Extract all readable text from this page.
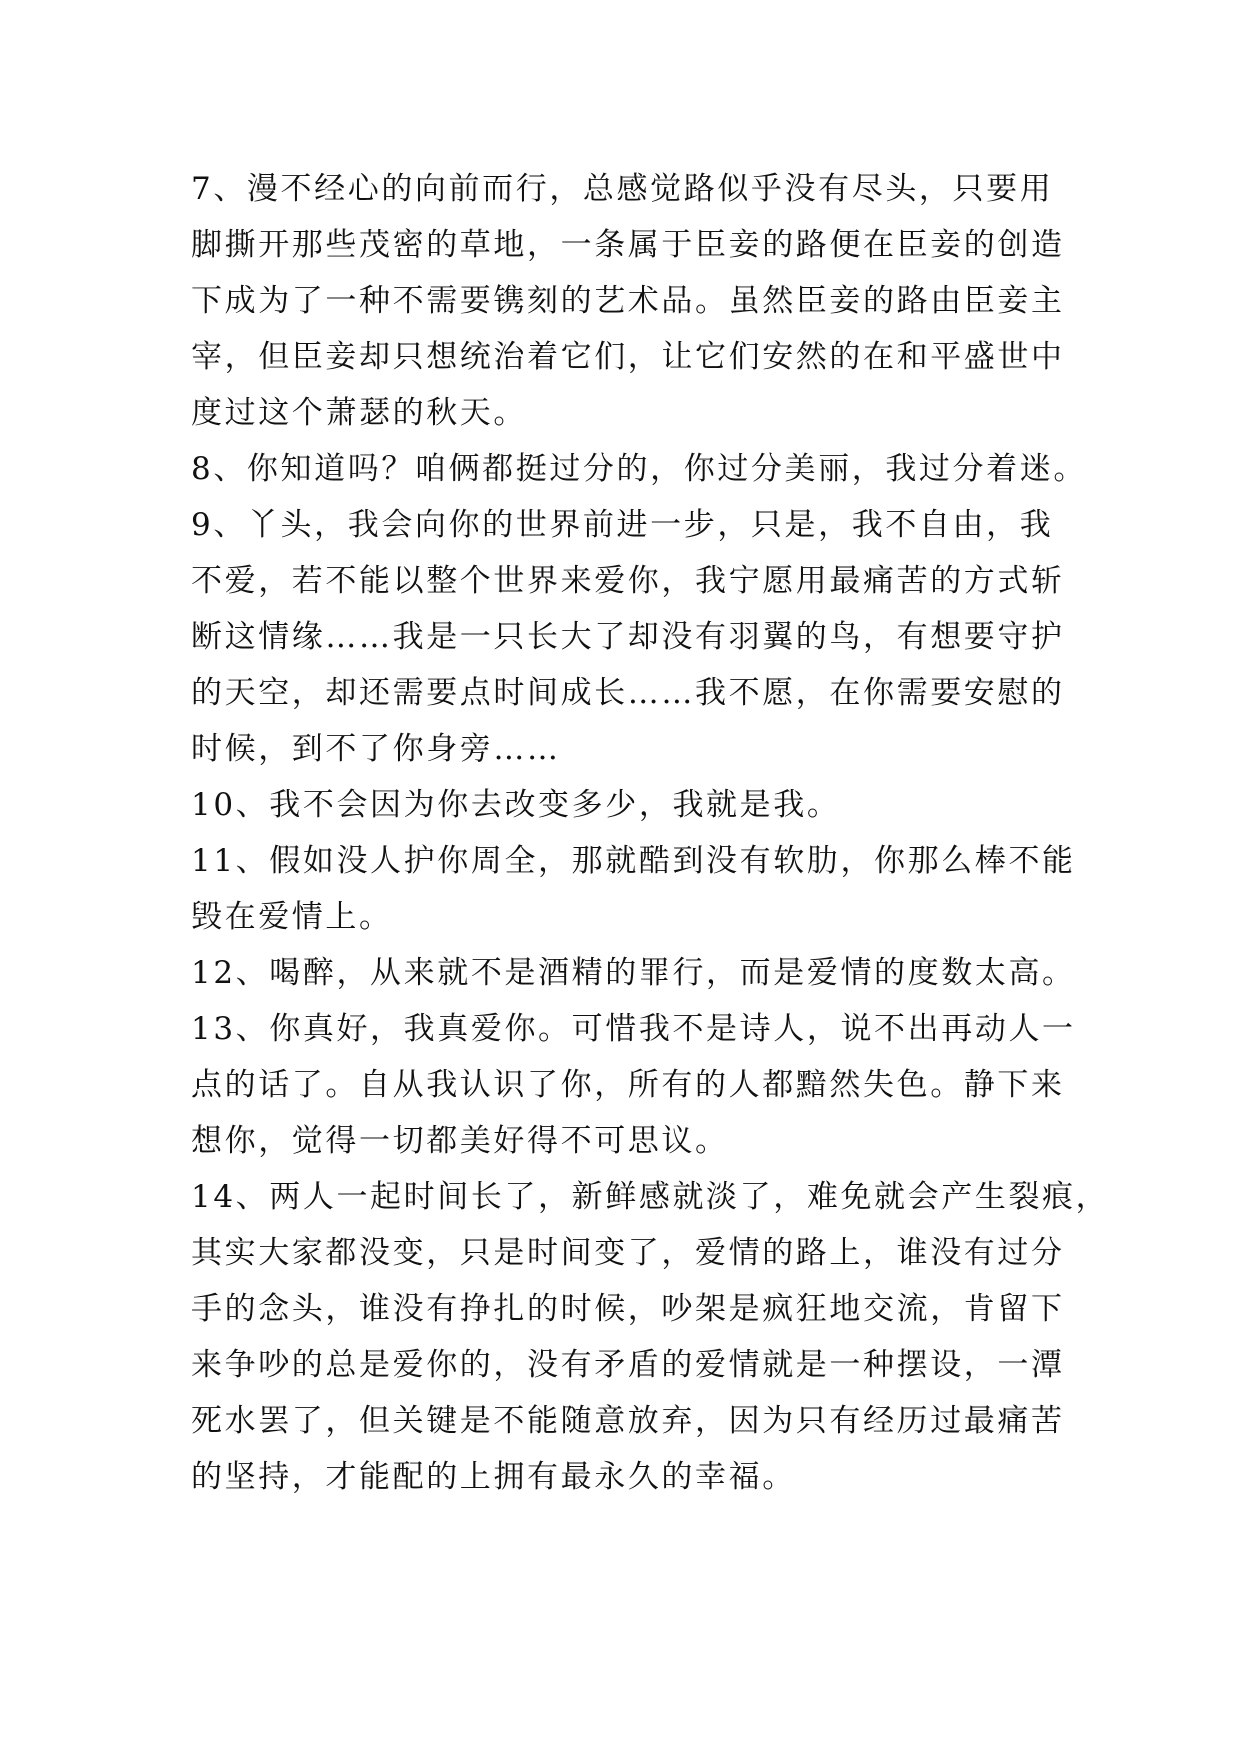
7、漫不经心的向前而行，总感觉路似乎没有尽头，只要用
脚撕开那些茂密的草地，一条属于臣妾的路便在臣妾的创造
下成为了一种不需要镌刻的艺术品。虽然臣妾的路由臣妾主
宰，但臣妾却只想统治着它们，让它们安然的在和平盛世中
度过这个萧瑟的秋天。
8、你知道吗？咱俩都挺过分的，你过分美丽，我过分着迷。
9、丫头，我会向你的世界前进一步，只是，我不自由，我
不爱，若不能以整个世界来爱你，我宁愿用最痛苦的方式斩
断这情缘……我是一只长大了却没有羽翼的鸟，有想要守护
的天空，却还需要点时间成长……我不愿，在你需要安慰的
时候，到不了你身旁……
10、我不会因为你去改变多少，我就是我。
11、假如没人护你周全，那就酷到没有软肋，你那么棒不能
毁在爱情上。
12、喝醉，从来就不是酒精的罪行，而是爱情的度数太高。
13、你真好，我真爱你。可惜我不是诗人，说不出再动人一
点的话了。自从我认识了你，所有的人都黯然失色。静下来
想你，觉得一切都美好得不可思议。
14、两人一起时间长了，新鲜感就淡了，难免就会产生裂痕，
其实大家都没变，只是时间变了，爱情的路上，谁没有过分
手的念头，谁没有挣扎的时候，吵架是疯狂地交流，肯留下
来争吵的总是爱你的，没有矛盾的爱情就是一种摆设，一潭
死水罢了，但关键是不能随意放弃，因为只有经历过最痛苦
的坚持，才能配的上拥有最永久的幸福。
